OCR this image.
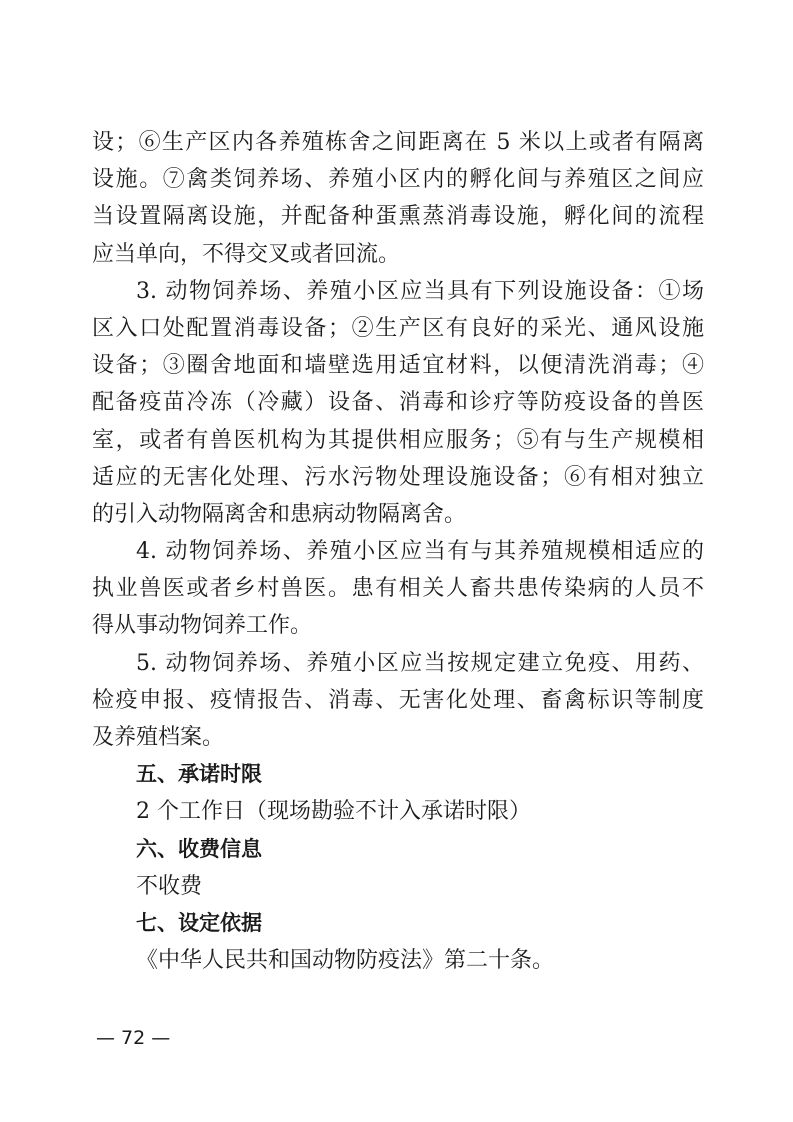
设；⑥生产区内各养殖栋舍之间距离在 5 米以上或者有隔离
设施。⑦禽类饲养场、养殖小区内的孵化间与养殖区之间应
当设置隔离设施，并配备种蛋熏蒸消毒设施，孵化间的流程
应当单向，不得交叉或者回流。
3. 动物饲养场、养殖小区应当具有下列设施设备：①场
区入口处配置消毒设备；②生产区有良好的采光、通风设施
设备；③圈舍地面和墙壁选用适宜材料，以便清洗消毒；④
配备疫苗冷冻（冷藏）设备、消毒和诊疗等防疫设备的兽医
室，或者有兽医机构为其提供相应服务；⑤有与生产规模相
适应的无害化处理、污水污物处理设施设备；⑥有相对独立
的引入动物隔离舍和患病动物隔离舍。
4. 动物饲养场、养殖小区应当有与其养殖规模相适应的
执业兽医或者乡村兽医。患有相关人畜共患传染病的人员不
得从事动物饲养工作。
5. 动物饲养场、养殖小区应当按规定建立免疫、用药、
检疫申报、疫情报告、消毒、无害化处理、畜禽标识等制度
及养殖档案。
五、承诺时限
2 个工作日（现场勘验不计入承诺时限）
六、收费信息
不收费
七、设定依据
《中华人民共和国动物防疫法》第二十条。
— 72 —
